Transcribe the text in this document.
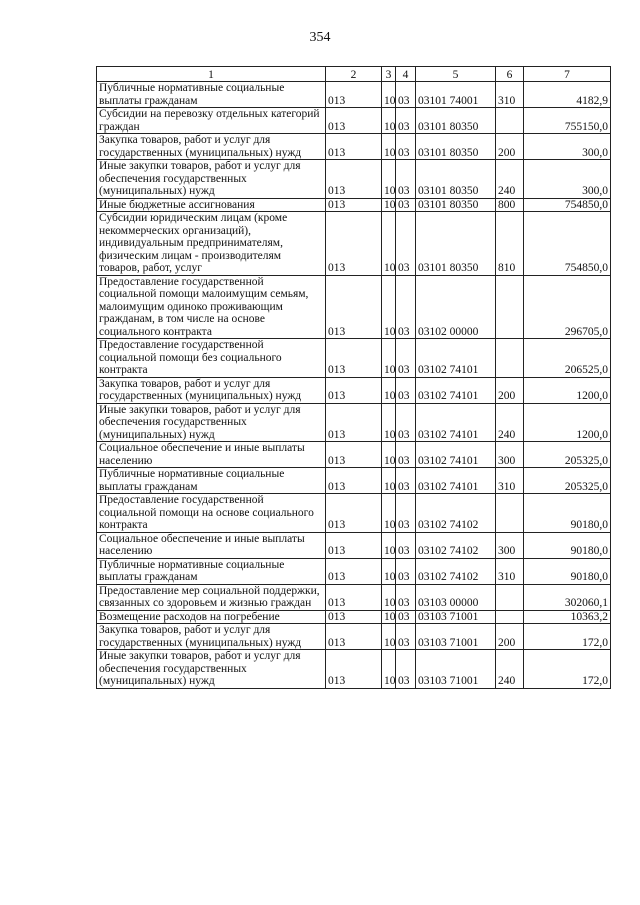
354
1	2	3	4	5	6	7
Публичные нормативные социальные выплаты гражданам	013	10	03	03101 74001	310	4182,9
Субсидии на перевозку отдельных категорий граждан	013	10	03	03101 80350		755150,0
Закупка товаров, работ и услуг для государственных (муниципальных) нужд	013	10	03	03101 80350	200	300,0
Иные закупки товаров, работ и услуг для обеспечения государственных (муниципальных) нужд	013	10	03	03101 80350	240	300,0
Иные бюджетные ассигнования	013	10	03	03101 80350	800	754850,0
Субсидии юридическим лицам (кроме некоммерческих организаций), индивидуальным предпринимателям, физическим лицам - производителям товаров, работ, услуг	013	10	03	03101 80350	810	754850,0
Предоставление государственной социальной помощи малоимущим семьям, малоимущим одиноко проживающим гражданам, в том числе на основе социального контракта	013	10	03	03102 00000		296705,0
Предоставление государственной социальной помощи без социального контракта	013	10	03	03102 74101		206525,0
Закупка товаров, работ и услуг для государственных (муниципальных) нужд	013	10	03	03102 74101	200	1200,0
Иные закупки товаров, работ и услуг для обеспечения государственных (муниципальных) нужд	013	10	03	03102 74101	240	1200,0
Социальное обеспечение и иные выплаты населению	013	10	03	03102 74101	300	205325,0
Публичные нормативные социальные выплаты гражданам	013	10	03	03102 74101	310	205325,0
Предоставление государственной социальной помощи на основе социального контракта	013	10	03	03102 74102		90180,0
Социальное обеспечение и иные выплаты населению	013	10	03	03102 74102	300	90180,0
Публичные нормативные социальные выплаты гражданам	013	10	03	03102 74102	310	90180,0
Предоставление мер социальной поддержки, связанных со здоровьем и жизнью граждан	013	10	03	03103 00000		302060,1
Возмещение расходов на погребение	013	10	03	03103 71001		10363,2
Закупка товаров, работ и услуг для государственных (муниципальных) нужд	013	10	03	03103 71001	200	172,0
Иные закупки товаров, работ и услуг для обеспечения государственных (муниципальных) нужд	013	10	03	03103 71001	240	172,0
